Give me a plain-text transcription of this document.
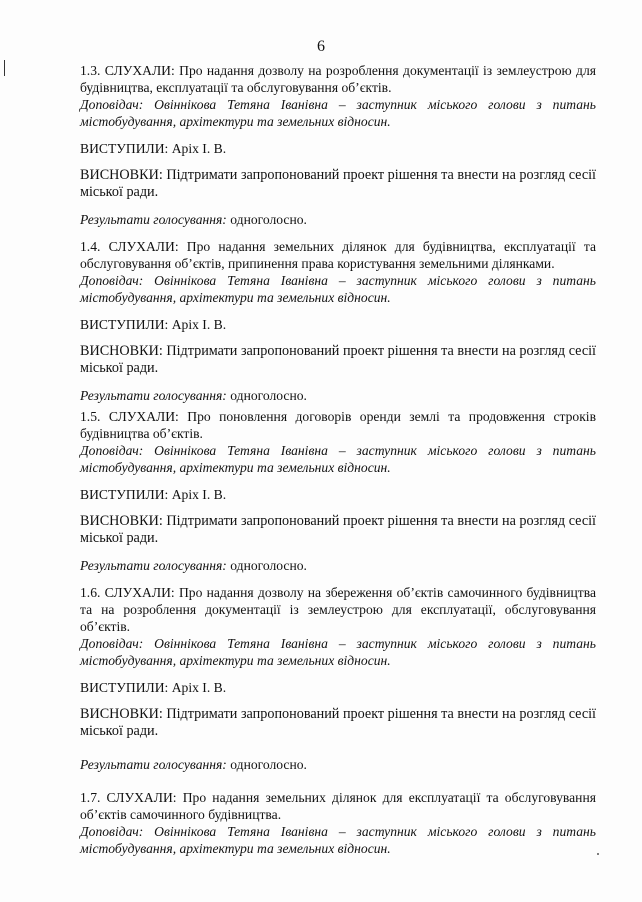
6

1.3. СЛУХАЛИ: Про надання дозволу на розроблення документації із землеустрою для будівництва, експлуатації та обслуговування об’єктів.

Доповідач: Овіннікова Тетяна Іванівна – заступник міського голови з питань містобудування, архітектури та земельних відносин.

ВИСТУПИЛИ: Аріх І. В.

ВИСНОВКИ: Підтримати запропонований проект рішення та внести на розгляд сесії міської ради.

Результати голосування: одноголосно.

1.4. СЛУХАЛИ: Про надання земельних ділянок для будівництва, експлуатації та обслуговування об’єктів, припинення права користування земельними ділянками.

Доповідач: Овіннікова Тетяна Іванівна – заступник міського голови з питань містобудування, архітектури та земельних відносин.

ВИСТУПИЛИ: Аріх І. В.

ВИСНОВКИ: Підтримати запропонований проект рішення та внести на розгляд сесії міської ради.

Результати голосування: одноголосно.

1.5. СЛУХАЛИ: Про поновлення договорів оренди землі та продовження строків будівництва об’єктів.

Доповідач: Овіннікова Тетяна Іванівна – заступник міського голови з питань містобудування, архітектури та земельних відносин.

ВИСТУПИЛИ: Аріх І. В.

ВИСНОВКИ: Підтримати запропонований проект рішення та внести на розгляд сесії міської ради.

Результати голосування: одноголосно.

1.6. СЛУХАЛИ: Про надання дозволу на збереження об’єктів самочинного будівництва та на розроблення документації із землеустрою для експлуатації, обслуговування об’єктів.

Доповідач: Овіннікова Тетяна Іванівна – заступник міського голови з питань містобудування, архітектури та земельних відносин.

ВИСТУПИЛИ: Аріх І. В.

ВИСНОВКИ: Підтримати запропонований проект рішення та внести на розгляд сесії міської ради.

Результати голосування: одноголосно.

1.7. СЛУХАЛИ: Про надання земельних ділянок для експлуатації та обслуговування об’єктів самочинного будівництва.

Доповідач: Овіннікова Тетяна Іванівна – заступник міського голови з питань містобудування, архітектури та земельних відносин.
